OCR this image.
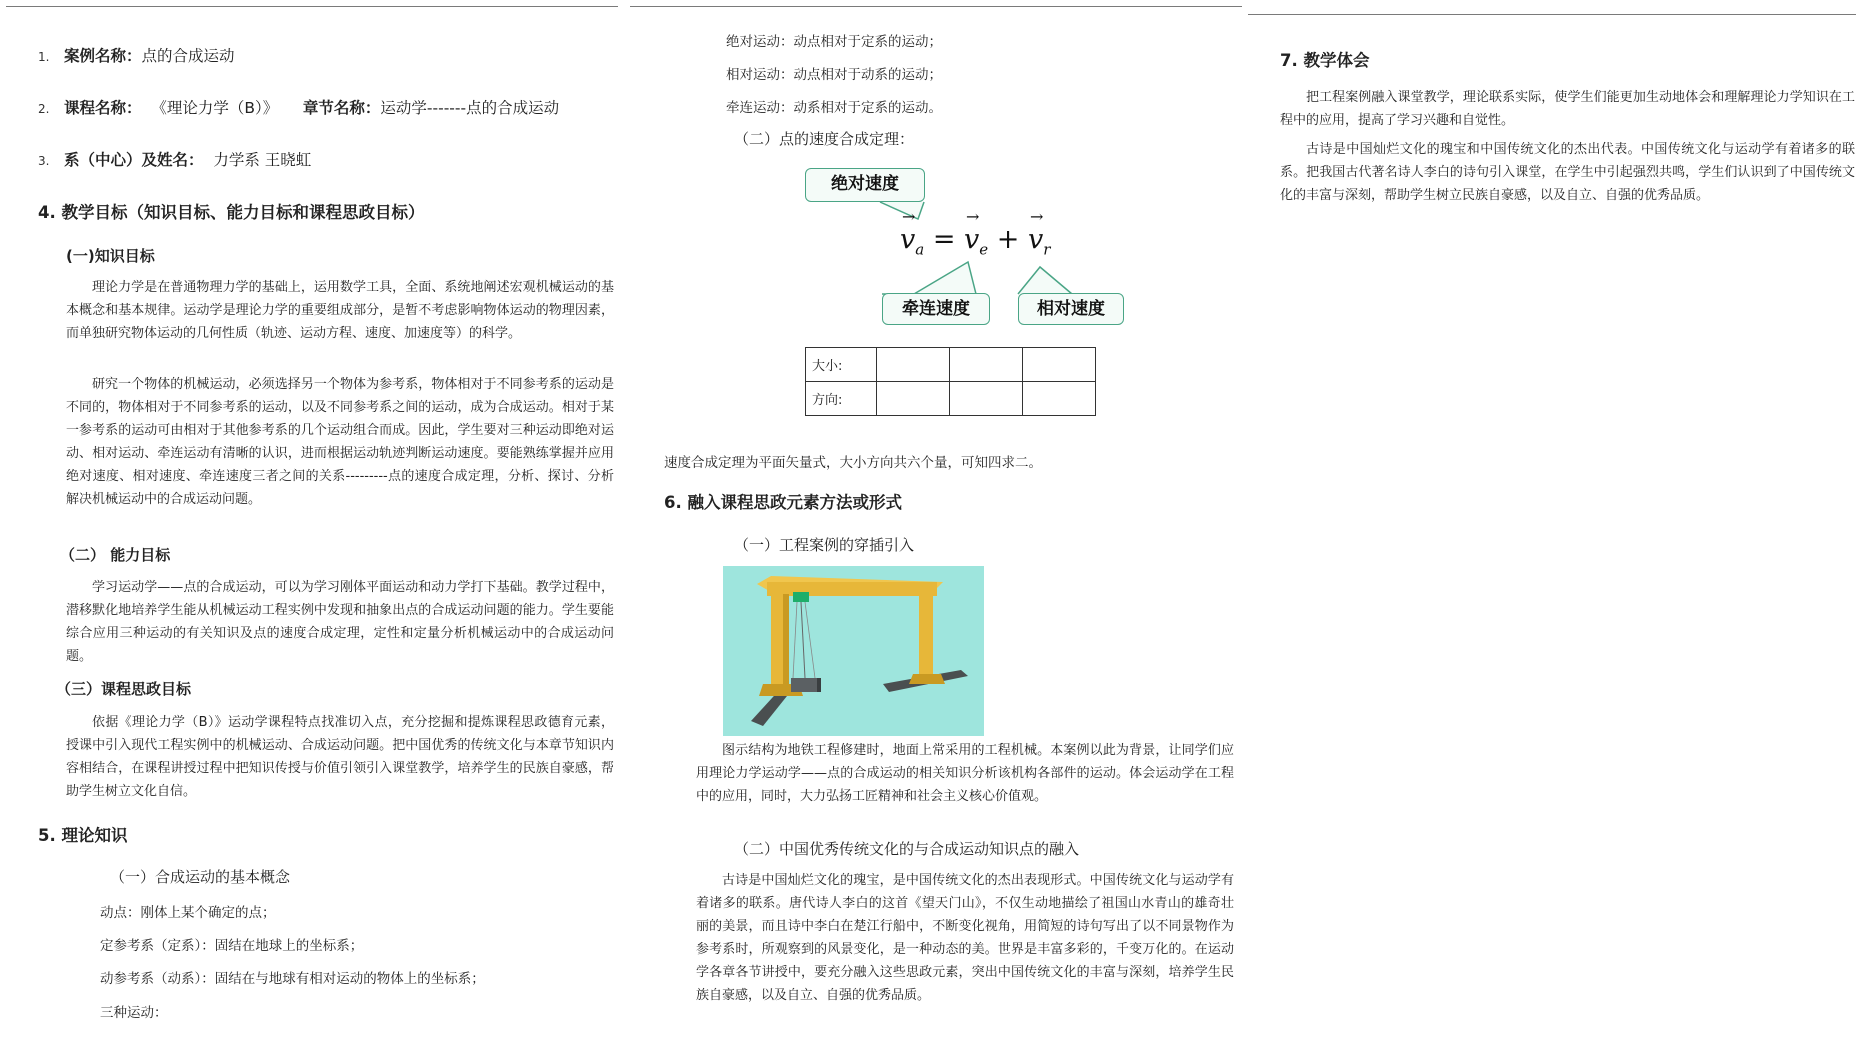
1. 案例名称：点的合成运动
2. 课程名称： 《理论力学（B）》 章节名称：运动学-------点的合成运动
3. 系（中心）及姓名： 力学系 王晓虹
4. 教学目标（知识目标、能力目标和课程思政目标）
(一)知识目标
理论力学是在普通物理力学的基础上，运用数学工具，全面、系统地阐述宏观机械运动的基本概念和基本规律。运动学是理论力学的重要组成部分，是暂不考虑影响物体运动的物理因素，而单独研究物体运动的几何性质（轨迹、运动方程、速度、加速度等）的科学。
研究一个物体的机械运动，必须选择另一个物体为参考系，物体相对于不同参考系的运动是不同的，物体相对于不同参考系的运动，以及不同参考系之间的运动，成为合成运动。相对于某一参考系的运动可由相对于其他参考系的几个运动组合而成。因此，学生要对三种运动即绝对运动、相对运动、牵连运动有清晰的认识，进而根据运动轨迹判断运动速度。要能熟练掌握并应用绝对速度、相对速度、牵连速度三者之间的关系---------点的速度合成定理，分析、探讨、分析解决机械运动中的合成运动问题。
（二） 能力目标
学习运动学——点的合成运动，可以为学习刚体平面运动和动力学打下基础。教学过程中，潜移默化地培养学生能从机械运动工程实例中发现和抽象出点的合成运动问题的能力。学生要能综合应用三种运动的有关知识及点的速度合成定理，定性和定量分析机械运动中的合成运动问题。
（三）课程思政目标
依据《理论力学（B）》运动学课程特点找准切入点，充分挖掘和提炼课程思政德育元素，授课中引入现代工程实例中的机械运动、合成运动问题。把中国优秀的传统文化与本章节知识内容相结合，在课程讲授过程中把知识传授与价值引领引入课堂教学，培养学生的民族自豪感，帮助学生树立文化自信。
5. 理论知识
（一）合成运动的基本概念
动点：刚体上某个确定的点；
定参考系（定系）：固结在地球上的坐标系；
动参考系（动系）：固结在与地球有相对运动的物体上的坐标系；
三种运动：
绝对运动：动点相对于定系的运动；
相对运动：动点相对于动系的运动；
牵连运动：动系相对于定系的运动。
（二）点的速度合成定理：
绝对速度
→ $v_a$ = → $v_e$ + → $v_r$
牵连速度	相对速度
大小:			
方向:			
速度合成定理为平面矢量式，大小方向共六个量，可知四求二。
6. 融入课程思政元素方法或形式
（一）工程案例的穿插引入
图示结构为地铁工程修建时，地面上常采用的工程机械。本案例以此为背景，让同学们应用理论力学运动学——点的合成运动的相关知识分析该机构各部件的运动。体会运动学在工程中的应用，同时，大力弘扬工匠精神和社会主义核心价值观。
（二）中国优秀传统文化的与合成运动知识点的融入
古诗是中国灿烂文化的瑰宝，是中国传统文化的杰出表现形式。中国传统文化与运动学有着诸多的联系。唐代诗人李白的这首《望天门山》，不仅生动地描绘了祖国山水青山的雄奇壮丽的美景，而且诗中李白在楚江行船中，不断变化视角，用简短的诗句写出了以不同景物作为参考系时，所观察到的风景变化，是一种动态的美。世界是丰富多彩的，千变万化的。在运动学各章各节讲授中，要充分融入这些思政元素，突出中国传统文化的丰富与深刻，培养学生民族自豪感，以及自立、自强的优秀品质。
7. 教学体会
把工程案例融入课堂教学，理论联系实际，使学生们能更加生动地体会和理解理论力学知识在工程中的应用，提高了学习兴趣和自觉性。
古诗是中国灿烂文化的瑰宝和中国传统文化的杰出代表。中国传统文化与运动学有着诸多的联系。把我国古代著名诗人李白的诗句引入课堂，在学生中引起强烈共鸣，学生们认识到了中国传统文化的丰富与深刻，帮助学生树立民族自豪感，以及自立、自强的优秀品质。
